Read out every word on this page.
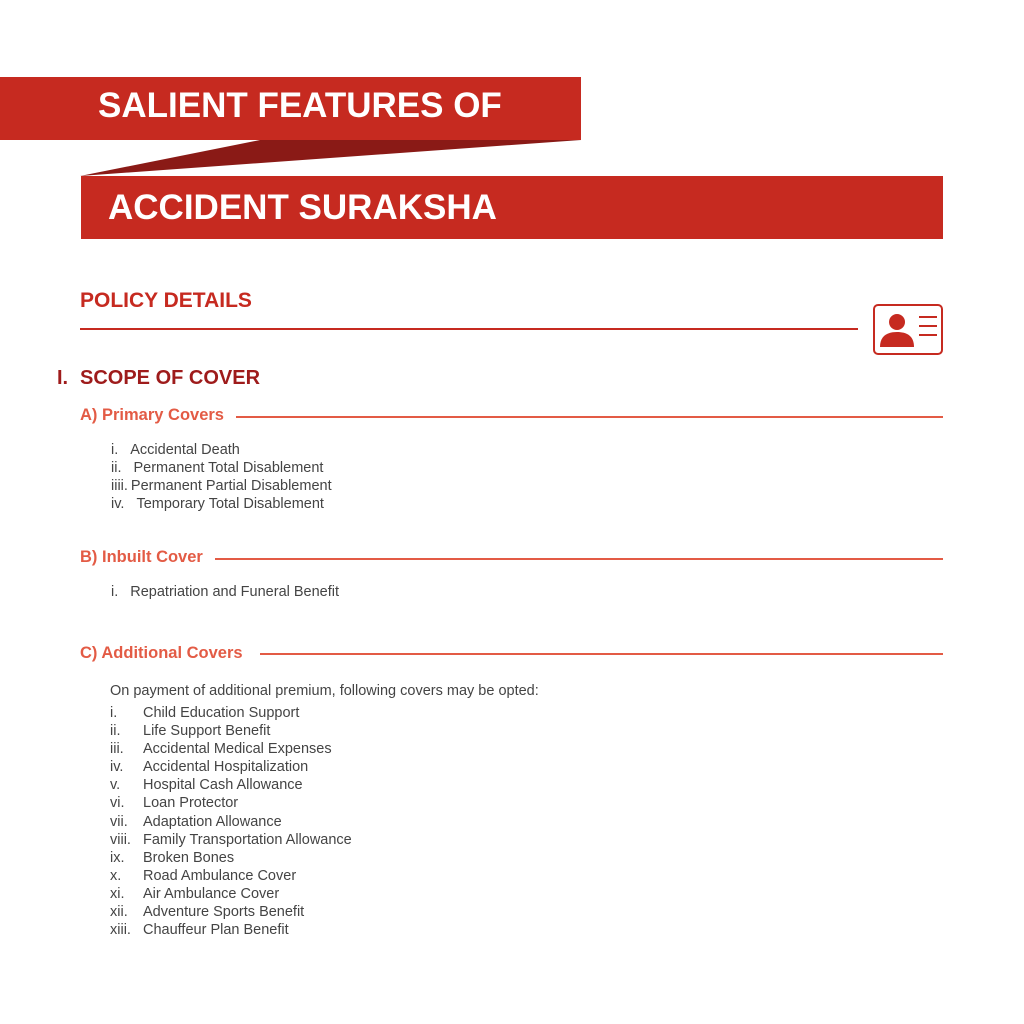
SALIENT FEATURES OF
ACCIDENT SURAKSHA
POLICY DETAILS
I. SCOPE OF COVER
A) Primary Covers
i. Accidental Death
ii. Permanent Total Disablement
iiii. Permanent Partial Disablement
iv. Temporary Total Disablement
B) Inbuilt Cover
i. Repatriation and Funeral Benefit
C) Additional Covers
On payment of additional premium, following covers may be opted:
i.	Child Education Support
ii.	Life Support Benefit
iii.	Accidental Medical Expenses
iv.	Accidental Hospitalization
v.	Hospital Cash Allowance
vi.	Loan Protector
vii.	Adaptation Allowance
viii. Family Transportation Allowance
ix.	Broken Bones
x.	Road Ambulance Cover
xi.	Air Ambulance Cover
xii.	Adventure Sports Benefit
xiii. Chauffeur Plan Benefit
